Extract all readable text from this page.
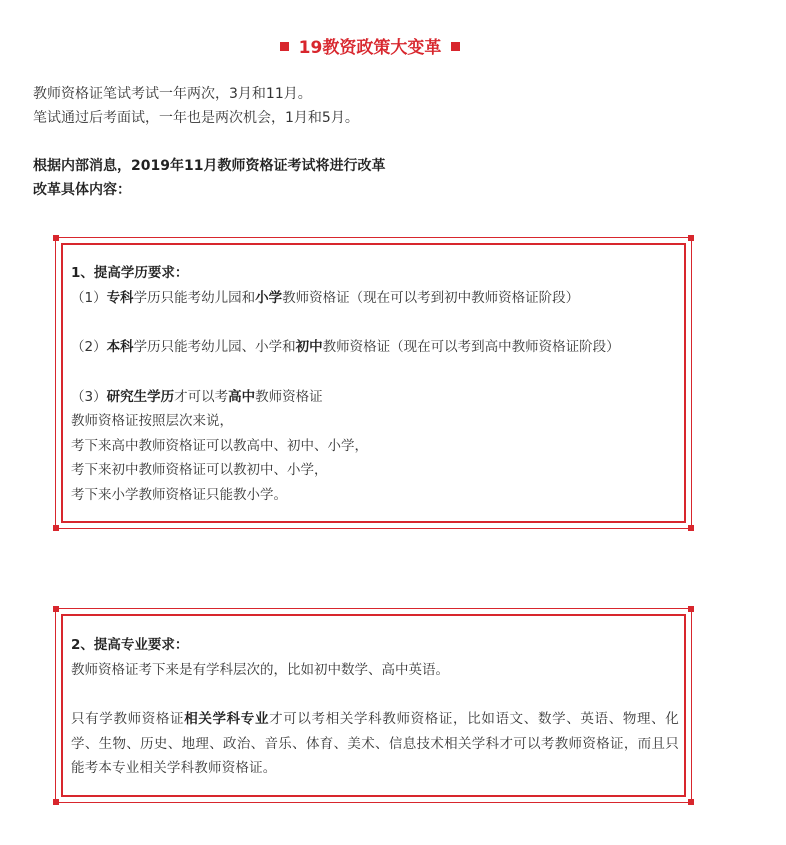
19教资政策大变革

教师资格证笔试考试一年两次，3月和11月。

笔试通过后考面试，一年也是两次机会，1月和5月。

根据内部消息，2019年11月教师资格证考试将进行改革

改革具体内容：

1、提高学历要求：

（1）专科学历只能考幼儿园和小学教师资格证（现在可以考到初中教师资格证阶段）

（2）本科学历只能考幼儿园、小学和初中教师资格证（现在可以考到高中教师资格证阶段）

（3）研究生学历才可以考高中教师资格证

教师资格证按照层次来说，

考下来高中教师资格证可以教高中、初中、小学，

考下来初中教师资格证可以教初中、小学，

考下来小学教师资格证只能教小学。

2、提高专业要求：

教师资格证考下来是有学科层次的，比如初中数学、高中英语。

只有学教师资格证相关学科专业才可以考相关学科教师资格证，比如语文、数学、英语、物理、化学、生物、历史、地理、政治、音乐、体育、美术、信息技术相关学科才可以考教师资格证，而且只能考本专业相关学科教师资格证。
